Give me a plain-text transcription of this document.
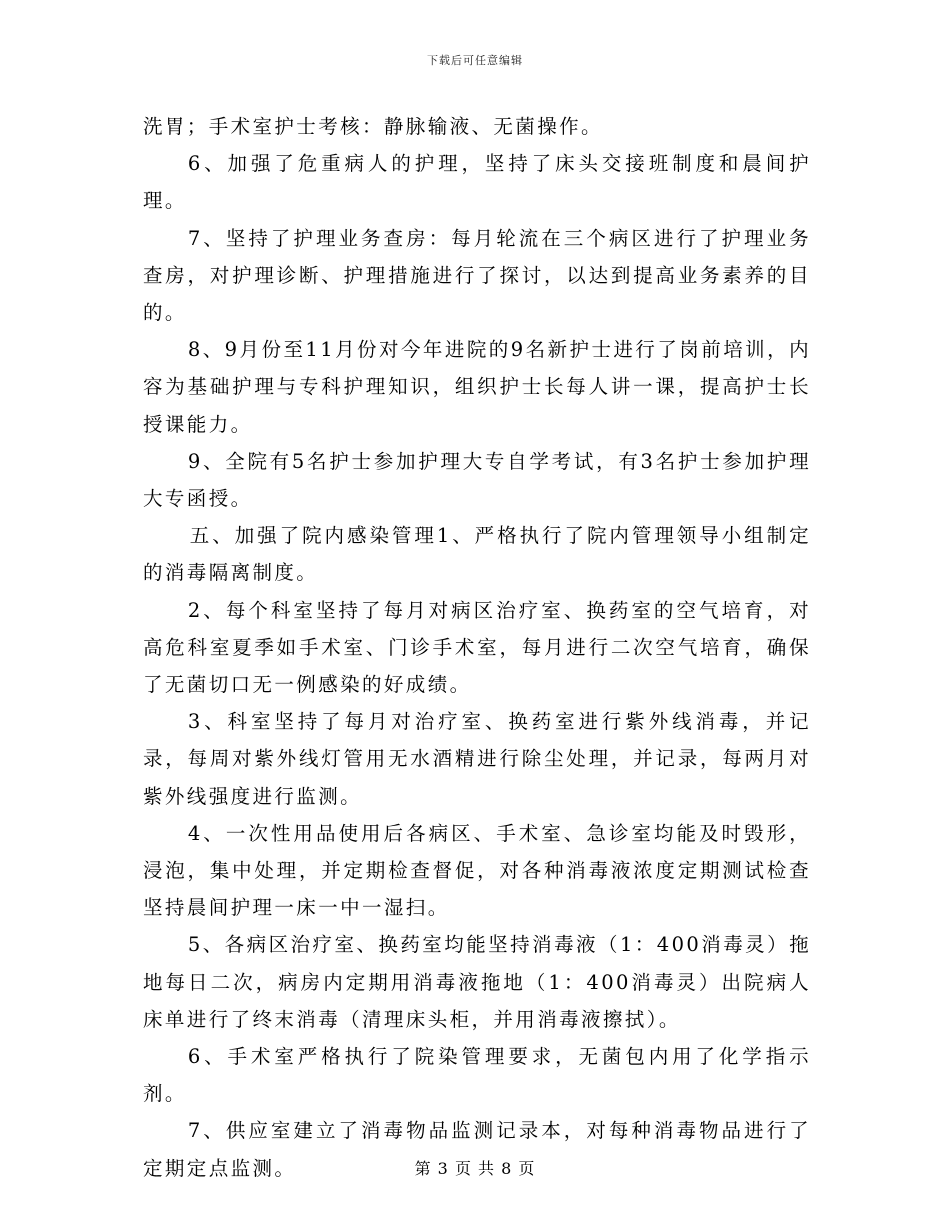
下载后可任意编辑

洗胃；手术室护士考核：静脉输液、无菌操作。

6、加强了危重病人的护理，坚持了床头交接班制度和晨间护理。

7、坚持了护理业务查房：每月轮流在三个病区进行了护理业务查房，对护理诊断、护理措施进行了探讨，以达到提高业务素养的目的。

8、9月份至11月份对今年进院的9名新护士进行了岗前培训，内容为基础护理与专科护理知识，组织护士长每人讲一课，提高护士长授课能力。

9、全院有5名护士参加护理大专自学考试，有3名护士参加护理大专函授。

五、加强了院内感染管理1、严格执行了院内管理领导小组制定的消毒隔离制度。

2、每个科室坚持了每月对病区治疗室、换药室的空气培育，对高危科室夏季如手术室、门诊手术室，每月进行二次空气培育，确保了无菌切口无一例感染的好成绩。

3、科室坚持了每月对治疗室、换药室进行紫外线消毒，并记录，每周对紫外线灯管用无水酒精进行除尘处理，并记录，每两月对紫外线强度进行监测。

4、一次性用品使用后各病区、手术室、急诊室均能及时毁形，浸泡，集中处理，并定期检查督促，对各种消毒液浓度定期测试检查坚持晨间护理一床一中一湿扫。

5、各病区治疗室、换药室均能坚持消毒液（1：400消毒灵）拖地每日二次，病房内定期用消毒液拖地（1：400消毒灵）出院病人床单进行了终末消毒（清理床头柜，并用消毒液擦拭）。

6、手术室严格执行了院染管理要求，无菌包内用了化学指示剂。

7、供应室建立了消毒物品监测记录本，对每种消毒物品进行了定期定点监测。	第 3 页 共 8 页
